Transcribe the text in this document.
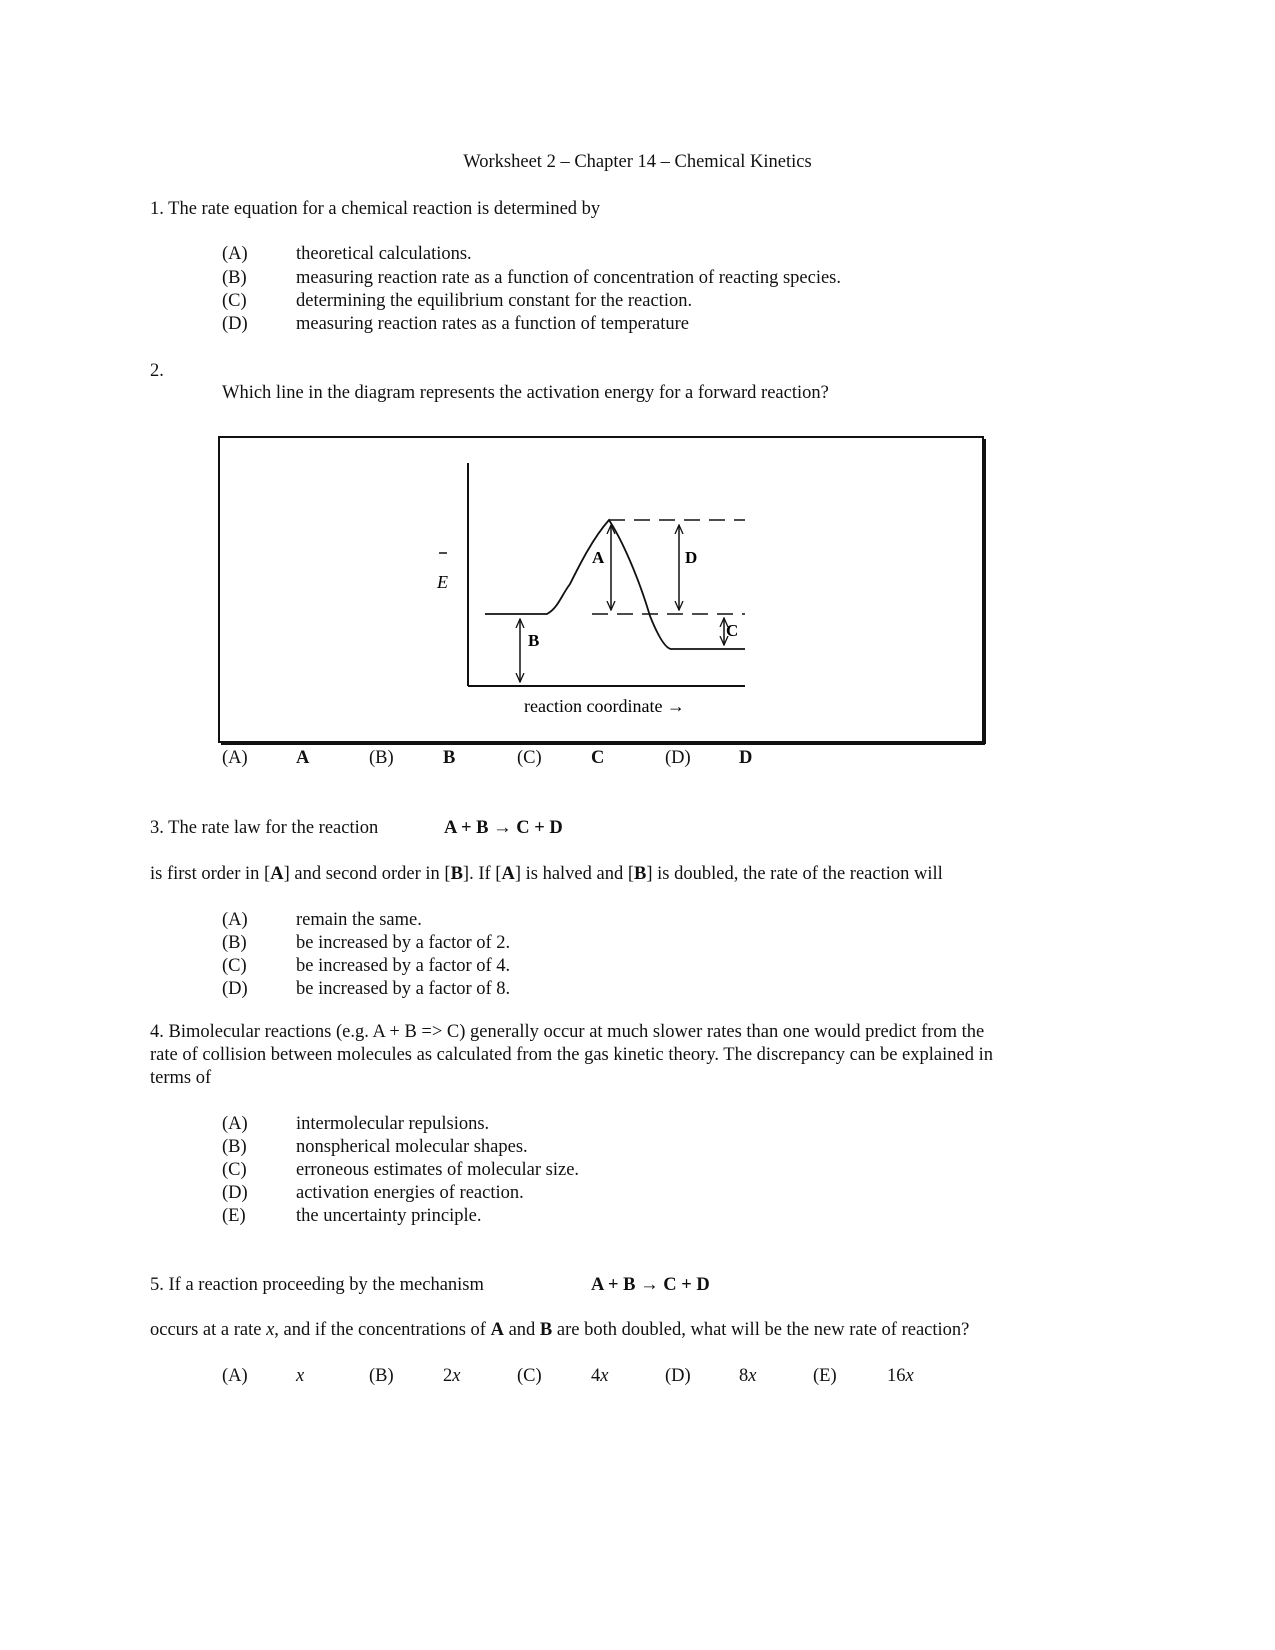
Worksheet 2 – Chapter 14 – Chemical Kinetics
1. The rate equation for a chemical reaction is determined by
(A)	theoretical calculations.
(B)	measuring reaction rate as a function of concentration of reacting species.
(C)	determining the equilibrium constant for the reaction.
(D)	measuring reaction rates as a function of temperature
2.
Which line in the diagram represents the activation energy for a forward reaction?
E
A
B
C
D
reaction coordinate →
(A)	A	(B)	B	(C)	C	(D)	D
3. The rate law for the reaction	A + B → C + D
is first order in [A] and second order in [B]. If [A] is halved and [B] is doubled, the rate of the reaction will
(A)	remain the same.
(B)	be increased by a factor of 2.
(C)	be increased by a factor of 4.
(D)	be increased by a factor of 8.
4. Bimolecular reactions (e.g. A + B => C) generally occur at much slower rates than one would predict from the
rate of collision between molecules as calculated from the gas kinetic theory. The discrepancy can be explained in
terms of
(A)	intermolecular repulsions.
(B)	nonspherical molecular shapes.
(C)	erroneous estimates of molecular size.
(D)	activation energies of reaction.
(E)	the uncertainty principle.
5. If a reaction proceeding by the mechanism	A + B → C + D
occurs at a rate x, and if the concentrations of A and B are both doubled, what will be the new rate of reaction?
(A)	x	(B)	2x	(C)	4x	(D)	8x	(E)	16x
